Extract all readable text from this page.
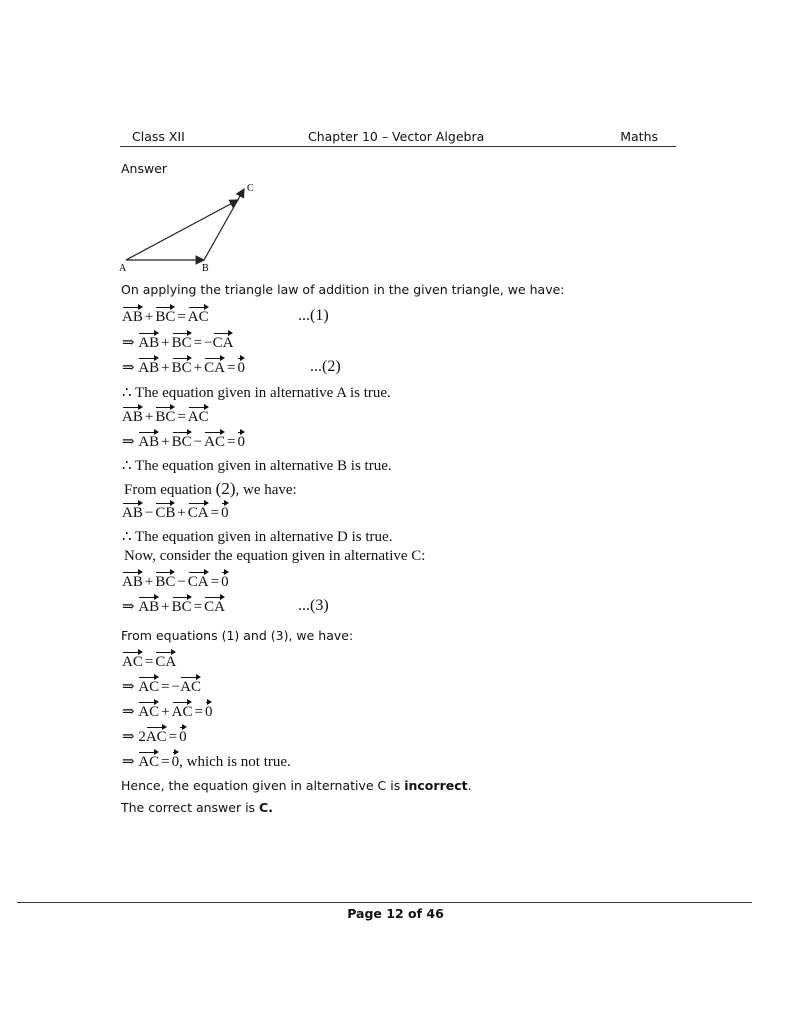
Class XII	Chapter 10 – Vector Algebra	Maths
Answer
A	B
C
On applying the triangle law of addition in the given triangle, we have:
AB + BC = AC	...(1)
⇒ AB + BC = −CA
⇒ AB + BC + CA = 0	...(2)
∴ The equation given in alternative A is true.
AB + BC = AC
⇒ AB + BC − AC = 0
∴ The equation given in alternative B is true.
From equation (2), we have:
AB − CB + CA = 0
∴ The equation given in alternative D is true.
Now, consider the equation given in alternative C:
AB + BC − CA = 0
⇒ AB + BC = CA	...(3)
From equations (1) and (3), we have:
AC = CA
⇒ AC = −AC
⇒ AC + AC = 0
⇒ 2AC = 0
⇒ AC = 0, which is not true.
Hence, the equation given in alternative C is incorrect.
The correct answer is C.
Page 12 of 46
